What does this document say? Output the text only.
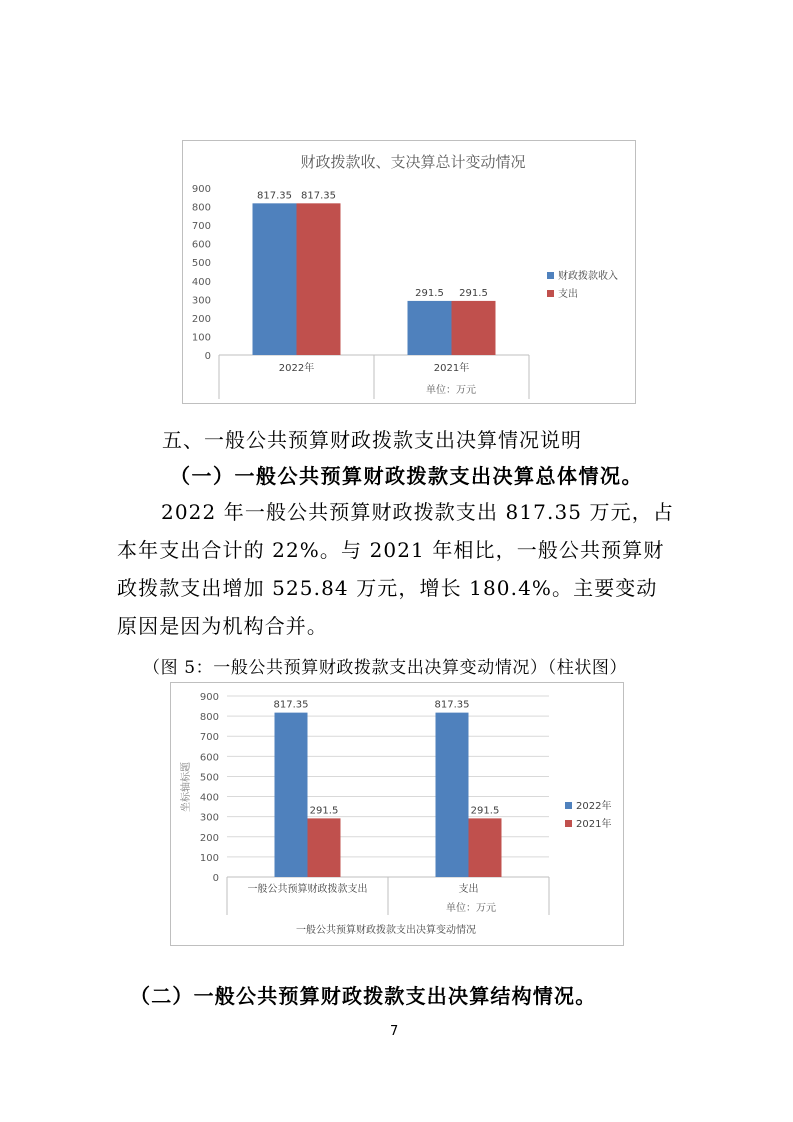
财政拨款收、支决算总计变动情况
0
100
200
300
400
500
600
700
800
900
817.35 817.35
2022年
291.5 291.5
2021年
单位：万元
财政拨款收入
支出
五、一般公共预算财政拨款支出决算情况说明
（一）一般公共预算财政拨款支出决算总体情况。
2022 年一般公共预算财政拨款支出 817.35 万元，占本年支出合计的 22%。与 2021 年相比，一般公共预算财政拨款支出增加 525.84 万元，增长 180.4%。主要变动原因是因为机构合并。
（图 5：一般公共预算财政拨款支出决算变动情况）（柱状图）
一般公共预算财政拨款支出决算变动情况
0
100
200
300
400
500
600
700
800
900
817.35
291.5
一般公共预算财政拨款支出
817.35
291.5
支出
单位：万元
坐标轴标题	2022年
2021年
（二）一般公共预算财政拨款支出决算结构情况。
7
